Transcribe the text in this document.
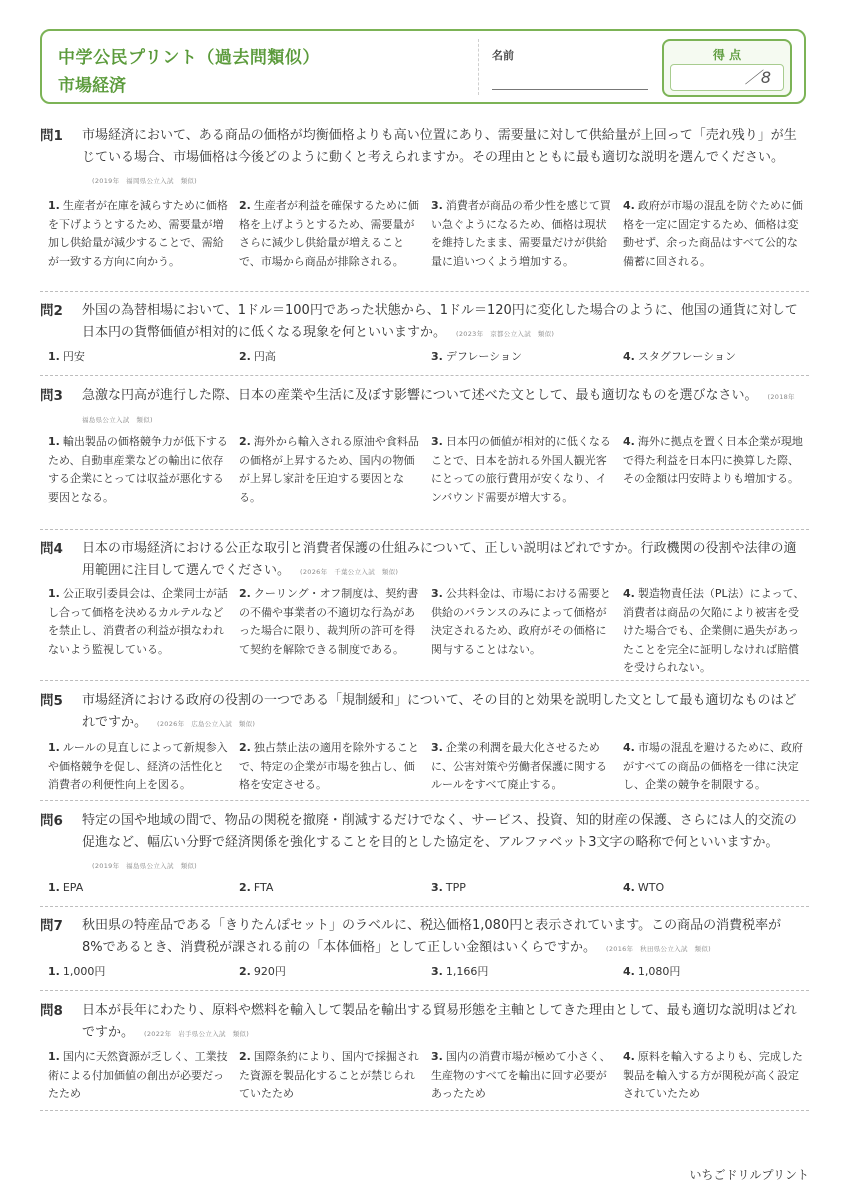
中学公民プリント（過去問類似）
市場経済
名前	得 点
／8
問1 市場経済において、ある商品の価格が均衡価格よりも高い位置にあり、需要量に対して供給量が上回って「売れ残り」が生じている場合、市場価格は今後どのように動くと考えられますか。その理由とともに最も適切な説明を選んでください。(2019年　福岡県公立入試　類似)
1. 生産者が在庫を減らすために価格を下げようとするため、需要量が増加し供給量が減少することで、需給が一致する方向に向かう。
2. 生産者が利益を確保するために価格を上げようとするため、需要量がさらに減少し供給量が増えることで、市場から商品が排除される。
3. 消費者が商品の希少性を感じて買い急ぐようになるため、価格は現状を維持したまま、需要量だけが供給量に追いつくよう増加する。
4. 政府が市場の混乱を防ぐために価格を一定に固定するため、価格は変動せず、余った商品はすべて公的な備蓄に回される。
問2 外国の為替相場において、1ドル＝100円であった状態から、1ドル＝120円に変化した場合のように、他国の通貨に対して日本円の貨幣価値が相対的に低くなる現象を何といいますか。 (2023年　京都公立入試　類似)
1. 円安	2. 円高	3. デフレーション	4. スタグフレーション
問3 急激な円高が進行した際、日本の産業や生活に及ぼす影響について述べた文として、最も適切なものを選びなさい。 (2018年　福島県公立入試　類似)
1. 輸出製品の価格競争力が低下するため、自動車産業などの輸出に依存する企業にとっては収益が悪化する要因となる。
2. 海外から輸入される原油や食料品の価格が上昇するため、国内の物価が上昇し家計を圧迫する要因となる。
3. 日本円の価値が相対的に低くなることで、日本を訪れる外国人観光客にとっての旅行費用が安くなり、インバウンド需要が増大する。
4. 海外に拠点を置く日本企業が現地で得た利益を日本円に換算した際、その金額は円安時よりも増加する。
問4 日本の市場経済における公正な取引と消費者保護の仕組みについて、正しい説明はどれですか。行政機関の役割や法律の適用範囲に注目して選んでください。 (2026年　千葉公立入試　類似)
1. 公正取引委員会は、企業同士が話し合って価格を決めるカルテルなどを禁止し、消費者の利益が損なわれないよう監視している。
2. クーリング・オフ制度は、契約書の不備や事業者の不適切な行為があった場合に限り、裁判所の許可を得て契約を解除できる制度である。
3. 公共料金は、市場における需要と供給のバランスのみによって価格が決定されるため、政府がその価格に関与することはない。
4. 製造物責任法（PL法）によって、消費者は商品の欠陥により被害を受けた場合でも、企業側に過失があったことを完全に証明しなければ賠償を受けられない。
問5 市場経済における政府の役割の一つである「規制緩和」について、その目的と効果を説明した文として最も適切なものはどれですか。 (2026年　広島公立入試　類似)
1. ルールの見直しによって新規参入や価格競争を促し、経済の活性化と消費者の利便性向上を図る。
2. 独占禁止法の適用を除外することで、特定の企業が市場を独占し、価格を安定させる。
3. 企業の利潤を最大化させるために、公害対策や労働者保護に関するルールをすべて廃止する。
4. 市場の混乱を避けるために、政府がすべての商品の価格を一律に決定し、企業の競争を制限する。
問6 特定の国や地域の間で、物品の関税を撤廃・削減するだけでなく、サービス、投資、知的財産の保護、さらには人的交流の促進など、幅広い分野で経済関係を強化することを目的とした協定を、アルファベット3文字の略称で何といいますか。(2019年　福島県公立入試　類似)
1. EPA	2. FTA	3. TPP	4. WTO
問7 秋田県の特産品である「きりたんぽセット」のラベルに、税込価格1,080円と表示されています。この商品の消費税率が8%であるとき、消費税が課される前の「本体価格」として正しい金額はいくらですか。 (2016年　秋田県公立入試　類似)
1. 1,000円	2. 920円	3. 1,166円	4. 1,080円
問8 日本が長年にわたり、原料や燃料を輸入して製品を輸出する貿易形態を主軸としてきた理由として、最も適切な説明はどれですか。 (2022年　岩手県公立入試　類似)
1. 国内に天然資源が乏しく、工業技術による付加価値の創出が必要だったため
2. 国際条約により、国内で採掘された資源を製品化することが禁じられていたため
3. 国内の消費市場が極めて小さく、生産物のすべてを輸出に回す必要があったため
4. 原料を輸入するよりも、完成した製品を輸入する方が関税が高く設定されていたため
いちごドリルプリント
